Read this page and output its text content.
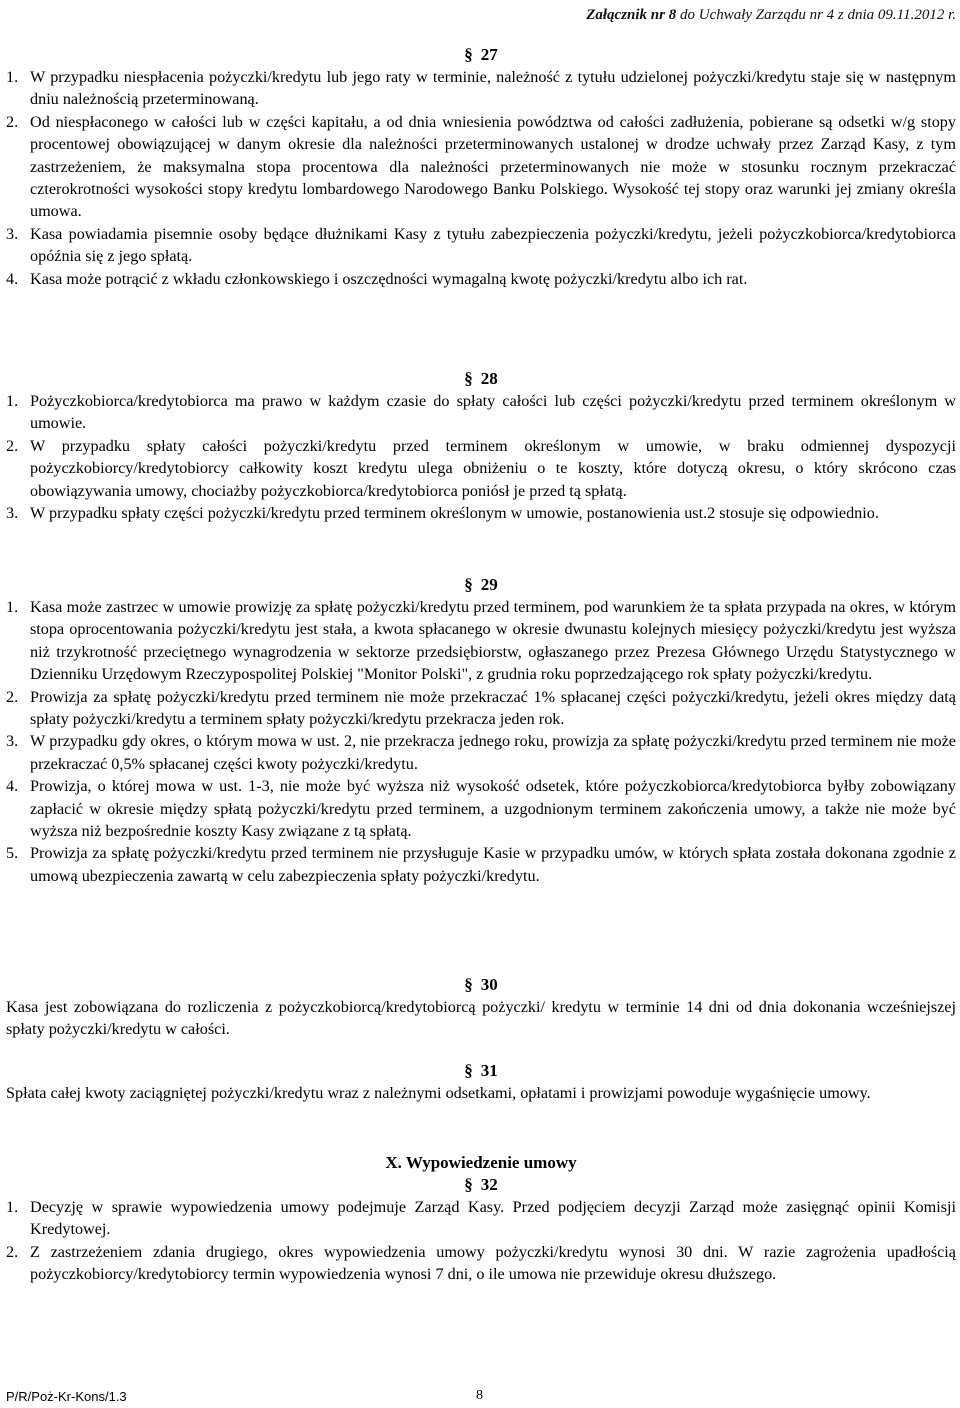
Załącznik nr 8 do Uchwały Zarządu nr 4 z dnia 09.11.2012 r.
§ 27
1. W przypadku niespłacenia pożyczki/kredytu lub jego raty w terminie, należność z tytułu udzielonej pożyczki/kredytu staje się w następnym dniu należnością przeterminowaną.
2. Od niespłaconego w całości lub w części kapitału, a od dnia wniesienia powództwa od całości zadłużenia, pobierane są odsetki w/g stopy procentowej obowiązującej w danym okresie dla należności przeterminowanych ustalonej w drodze uchwały przez Zarząd Kasy, z tym zastrzeżeniem, że maksymalna stopa procentowa dla należności przeterminowanych nie może w stosunku rocznym przekraczać czterokrotności wysokości stopy kredytu lombardowego Narodowego Banku Polskiego. Wysokość tej stopy oraz warunki jej zmiany określa umowa.
3. Kasa powiadamia pisemnie osoby będące dłużnikami Kasy z tytułu zabezpieczenia pożyczki/kredytu, jeżeli pożyczkobiorca/kredytobiorca opóźnia się z jego spłatą.
4. Kasa może potrącić z wkładu członkowskiego i oszczędności wymagalną kwotę pożyczki/kredytu albo ich rat.
§ 28
1. Pożyczkobiorca/kredytobiorca ma prawo w każdym czasie do spłaty całości lub części pożyczki/kredytu przed terminem określonym w umowie.
2. W przypadku spłaty całości pożyczki/kredytu przed terminem określonym w umowie, w braku odmiennej dyspozycji pożyczkobiorcy/kredytobiorcy całkowity koszt kredytu ulega obniżeniu o te koszty, które dotyczą okresu, o który skrócono czas obowiązywania umowy, chociażby pożyczkobiorca/kredytobiorca poniósł je przed tą spłatą.
3. W przypadku spłaty części pożyczki/kredytu przed terminem określonym w umowie, postanowienia ust.2 stosuje się odpowiednio.
§ 29
1. Kasa może zastrzec w umowie prowizję za spłatę pożyczki/kredytu przed terminem, pod warunkiem że ta spłata przypada na okres, w którym stopa oprocentowania pożyczki/kredytu jest stała, a kwota spłacanego w okresie dwunastu kolejnych miesięcy pożyczki/kredytu jest wyższa niż trzykrotność przeciętnego wynagrodzenia w sektorze przedsiębiorstw, ogłaszanego przez Prezesa Głównego Urzędu Statystycznego w Dzienniku Urzędowym Rzeczypospolitej Polskiej "Monitor Polski", z grudnia roku poprzedzającego rok spłaty pożyczki/kredytu.
2. Prowizja za spłatę pożyczki/kredytu przed terminem nie może przekraczać 1% spłacanej części pożyczki/kredytu, jeżeli okres między datą spłaty pożyczki/kredytu a terminem spłaty pożyczki/kredytu przekracza jeden rok.
3. W przypadku gdy okres, o którym mowa w ust. 2, nie przekracza jednego roku, prowizja za spłatę pożyczki/kredytu przed terminem nie może przekraczać 0,5% spłacanej części kwoty pożyczki/kredytu.
4. Prowizja, o której mowa w ust. 1-3, nie może być wyższa niż wysokość odsetek, które pożyczkobiorca/kredytobiorca byłby zobowiązany zapłacić w okresie między spłatą pożyczki/kredytu przed terminem, a uzgodnionym terminem zakończenia umowy, a także nie może być wyższa niż bezpośrednie koszty Kasy związane z tą spłatą.
5. Prowizja za spłatę pożyczki/kredytu przed terminem nie przysługuje Kasie w przypadku umów, w których spłata została dokonana zgodnie z umową ubezpieczenia zawartą w celu zabezpieczenia spłaty pożyczki/kredytu.
§ 30
Kasa jest zobowiązana do rozliczenia z pożyczkobiorcą/kredytobiorcą pożyczki/ kredytu w terminie 14 dni od dnia dokonania wcześniejszej spłaty pożyczki/kredytu w całości.
§ 31
Spłata całej kwoty zaciągniętej pożyczki/kredytu wraz z należnymi odsetkami, opłatami i prowizjami powoduje wygaśnięcie umowy.
X. Wypowiedzenie umowy
§ 32
1. Decyzję w sprawie wypowiedzenia umowy podejmuje Zarząd Kasy. Przed podjęciem decyzji Zarząd może zasięgnąć opinii Komisji Kredytowej.
2. Z zastrzeżeniem zdania drugiego, okres wypowiedzenia umowy pożyczki/kredytu wynosi 30 dni. W razie zagrożenia upadłością pożyczkobiorcy/kredytobiorcy termin wypowiedzenia wynosi 7 dni, o ile umowa nie przewiduje okresu dłuższego.
P/R/Poż-Kr-Kons/1.3	8
